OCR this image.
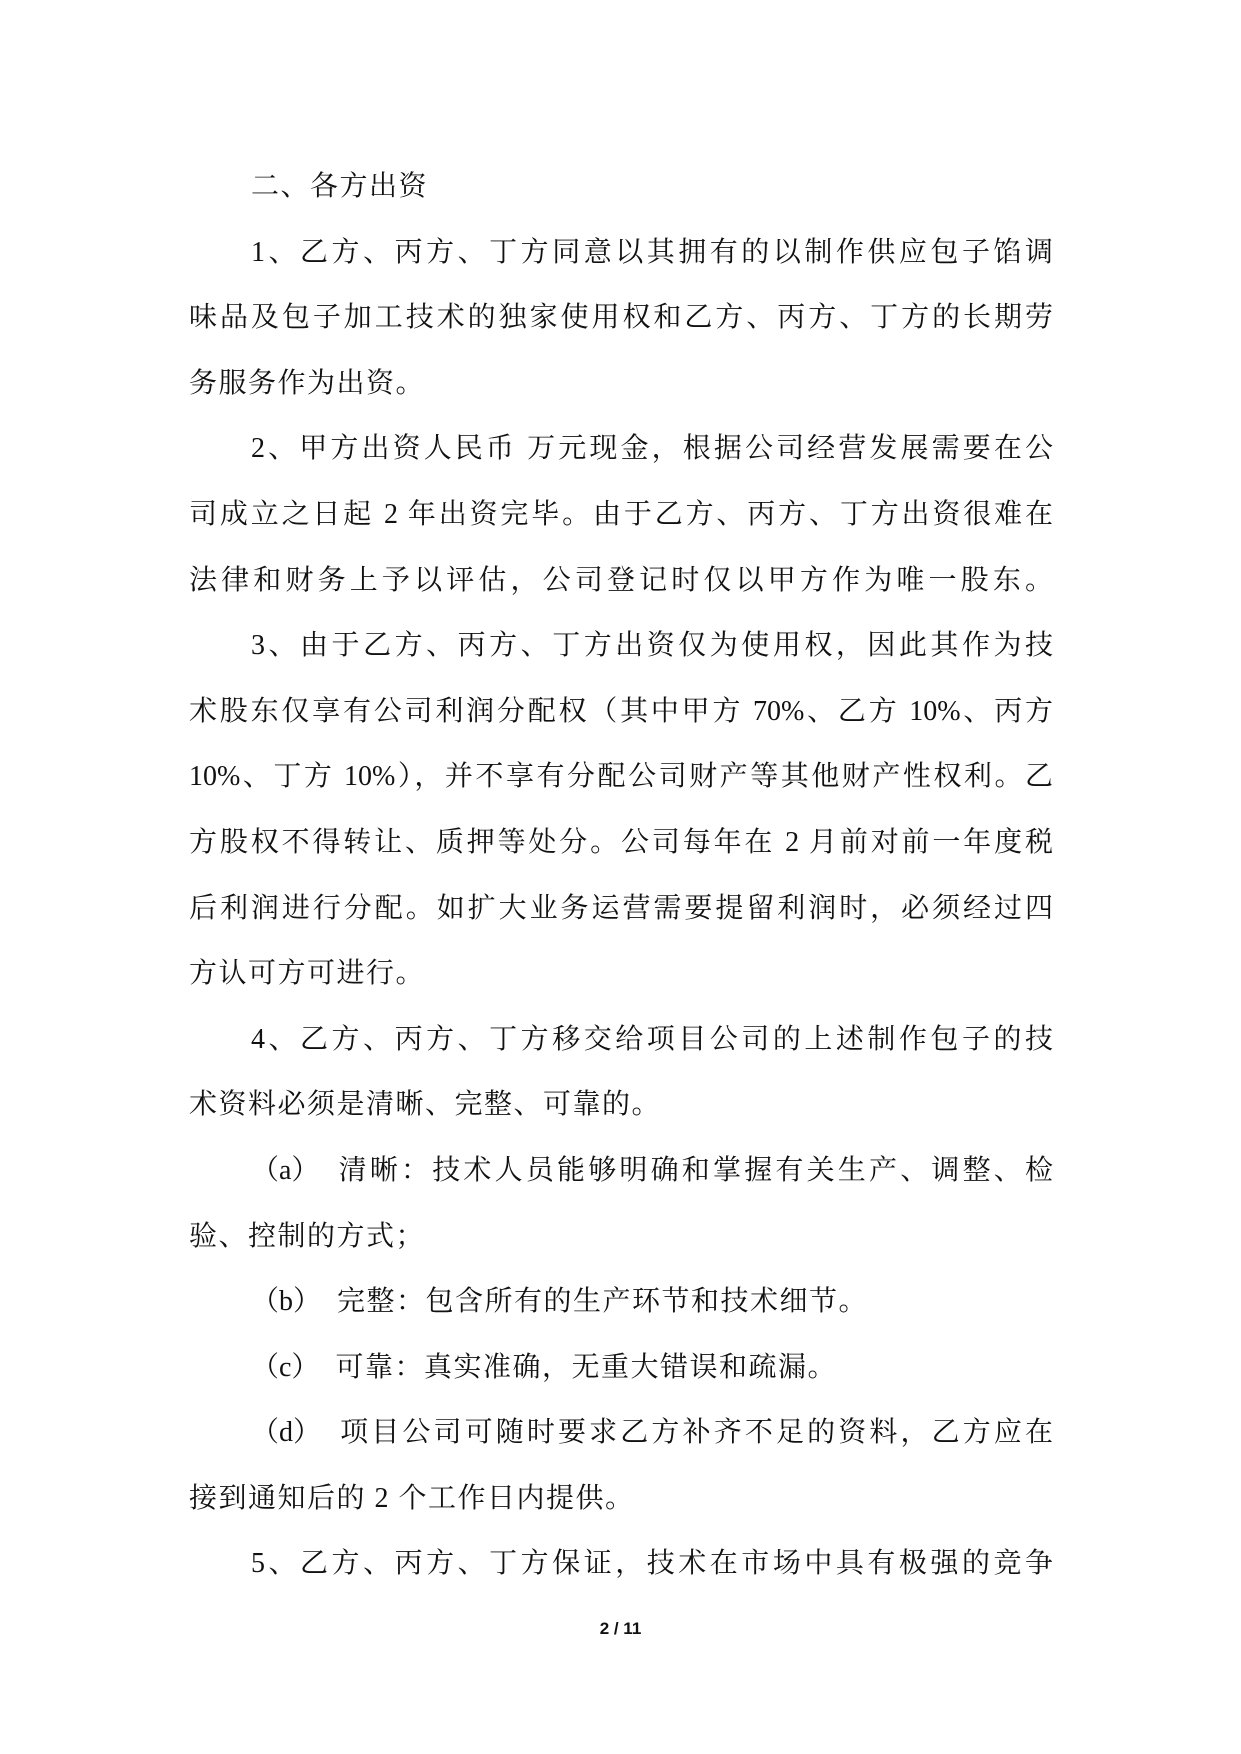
二、各方出资
1、乙方、丙方、丁方同意以其拥有的以制作供应包子馅调
味品及包子加工技术的独家使用权和乙方、丙方、丁方的长期劳
务服务作为出资。
2、甲方出资人民币 万元现金，根据公司经营发展需要在公
司成立之日起 2 年出资完毕。由于乙方、丙方、丁方出资很难在
法律和财务上予以评估，公司登记时仅以甲方作为唯一股东。
3、由于乙方、丙方、丁方出资仅为使用权，因此其作为技
术股东仅享有公司利润分配权（其中甲方 70%、乙方 10%、丙方
10%、丁方 10%），并不享有分配公司财产等其他财产性权利。乙
方股权不得转让、质押等处分。公司每年在 2 月前对前一年度税
后利润进行分配。如扩大业务运营需要提留利润时，必须经过四
方认可方可进行。
4、乙方、丙方、丁方移交给项目公司的上述制作包子的技
术资料必须是清晰、完整、可靠的。
（a） 清晰：技术人员能够明确和掌握有关生产、调整、检
验、控制的方式；
（b） 完整：包含所有的生产环节和技术细节。
（c） 可靠：真实准确，无重大错误和疏漏。
（d） 项目公司可随时要求乙方补齐不足的资料，乙方应在
接到通知后的 2 个工作日内提供。
5、乙方、丙方、丁方保证，技术在市场中具有极强的竞争
2 / 11
